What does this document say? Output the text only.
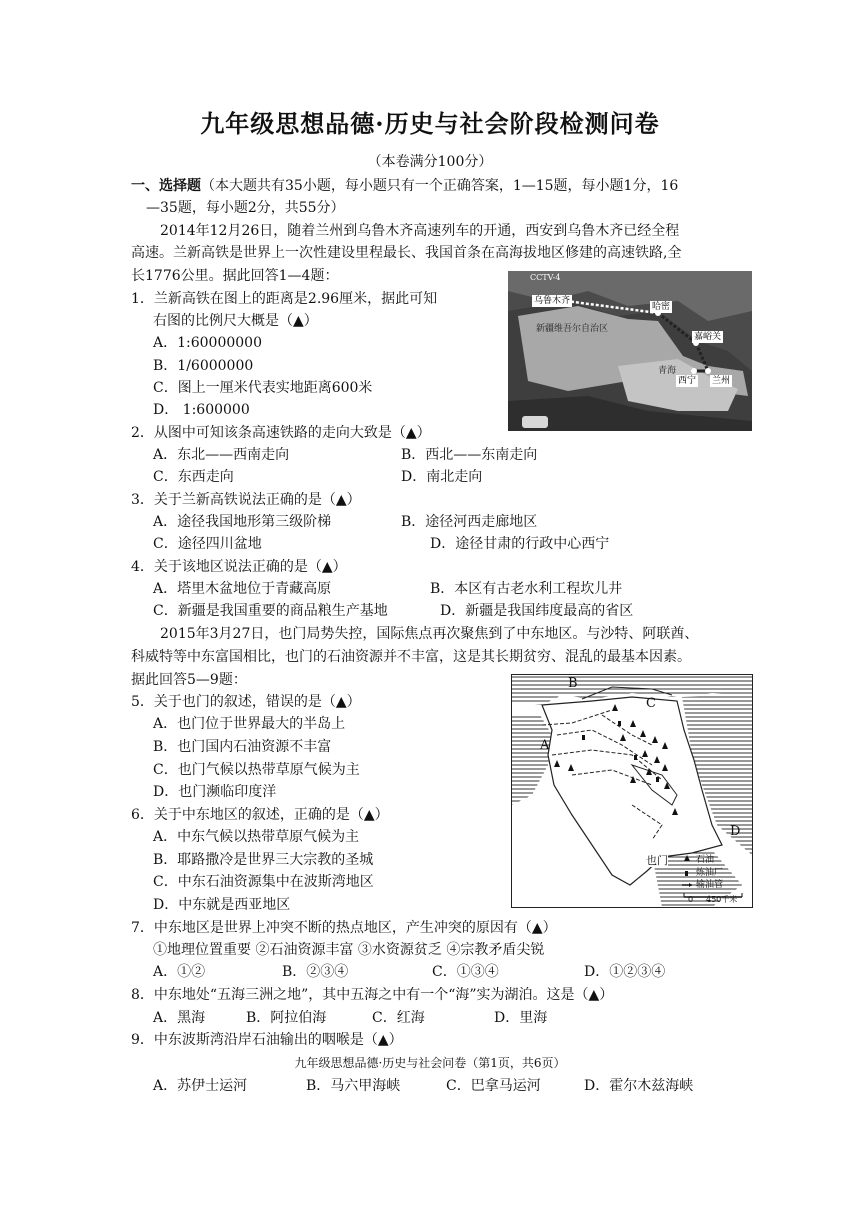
九年级思想品德·历史与社会阶段检测问卷
（本卷满分100分）
一、选择题（本大题共有35小题，每小题只有一个正确答案，1—15题，每小题1分，16
—35题，每小题2分，共55分）
2014年12月26日，随着兰州到乌鲁木齐高速列车的开通，西安到乌鲁木齐已经全程
高速。兰新高铁是世界上一次性建设里程最长、我国首条在高海拔地区修建的高速铁路,全
长1776公里。据此回答1—4题：	CCTV-4
乌鲁木齐
哈密
嘉峪关
新疆维吾尔自治区
青海
西宁 兰州
1．兰新高铁在图上的距离是2.96厘米，据此可知
右图的比例尺大概是（▲）
A．1:60000000
B．1/6000000
C．图上一厘米代表实地距离600米
D． 1:600000
2．从图中可知该条高速铁路的走向大致是（▲）
A．东北——西南走向	B．西北——东南走向
C．东西走向	D．南北走向
3．关于兰新高铁说法正确的是（▲）
A．途径我国地形第三级阶梯	B．途径河西走廊地区
C．途径四川盆地	D．途径甘肃的行政中心西宁
4．关于该地区说法正确的是（▲）
A．塔里木盆地位于青藏高原	B．本区有古老水利工程坎儿井
C．新疆是我国重要的商品粮生产基地	D．新疆是我国纬度最高的省区
2015年3月27日，也门局势失控，国际焦点再次聚焦到了中东地区。与沙特、阿联酋、
科威特等中东富国相比，也门的石油资源并不丰富，这是其长期贫穷、混乱的最基本因素。
据此回答5—9题：	B
C
A
D
也门	石油
炼油厂
输油管
0 450千米
5．关于也门的叙述，错误的是（▲）
A．也门位于世界最大的半岛上
B．也门国内石油资源不丰富
C．也门气候以热带草原气候为主
D．也门濒临印度洋
6．关于中东地区的叙述，正确的是（▲）
A．中东气候以热带草原气候为主
B．耶路撒冷是世界三大宗教的圣城
C．中东石油资源集中在波斯湾地区
D．中东就是西亚地区
7．中东地区是世界上冲突不断的热点地区，产生冲突的原因有（▲）
①地理位置重要 ②石油资源丰富 ③水资源贫乏 ④宗教矛盾尖锐
A．①②	B．②③④	C．①③④	D．①②③④
8．中东地处“五海三洲之地”，其中五海之中有一个“海”实为湖泊。这是（▲）
A．黑海	B．阿拉伯海	C．红海	D．里海
9．中东波斯湾沿岸石油输出的咽喉是（▲）
九年级思想品德·历史与社会问卷（第1页，共6页）
A．苏伊士运河	B．马六甲海峡	C．巴拿马运河	D．霍尔木兹海峡
